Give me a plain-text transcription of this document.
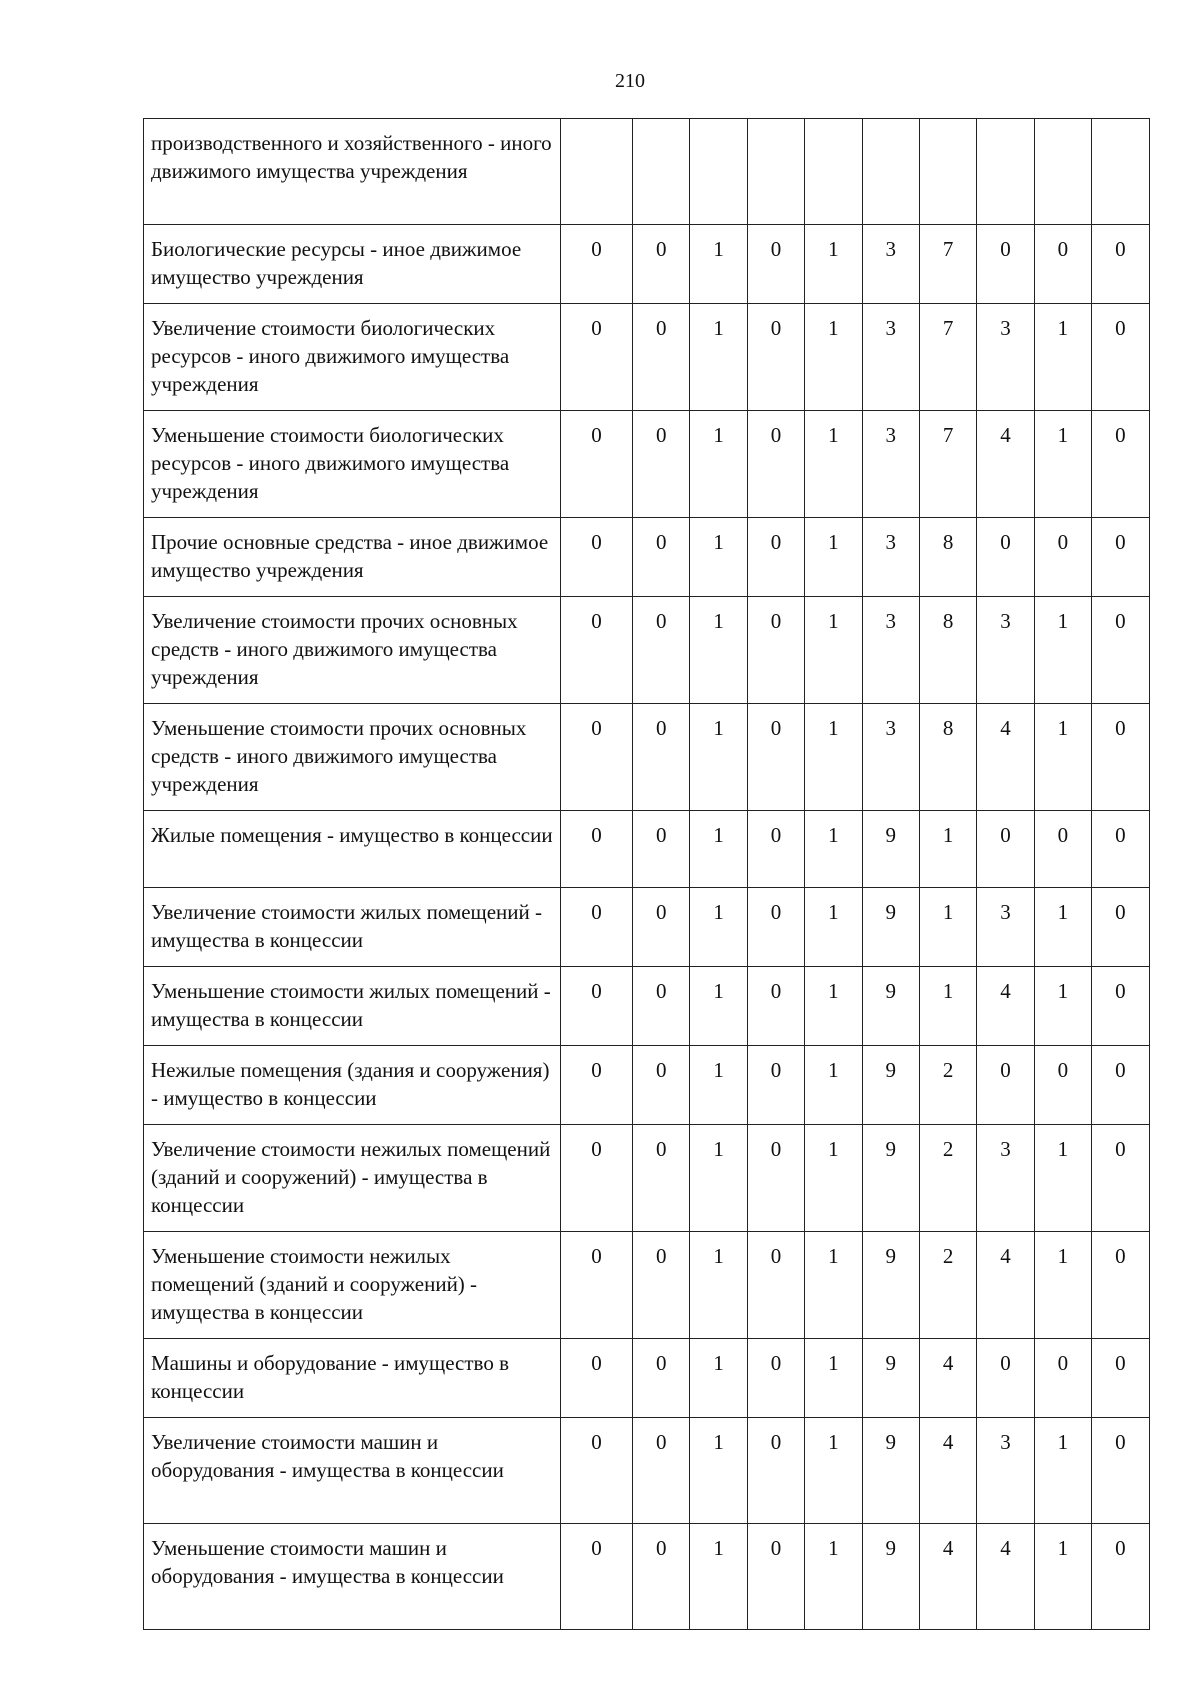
210
производственного и хозяйственного - иного движимого имущества учреждения										
Биологические ресурсы - иное движимое имущество учреждения	0	0	1	0	1	3	7	0	0	0
Увеличение стоимости биологических ресурсов - иного движимого имущества учреждения	0	0	1	0	1	3	7	3	1	0
Уменьшение стоимости биологических ресурсов - иного движимого имущества учреждения	0	0	1	0	1	3	7	4	1	0
Прочие основные средства - иное движимое имущество учреждения	0	0	1	0	1	3	8	0	0	0
Увеличение стоимости прочих основных средств - иного движимого имущества учреждения	0	0	1	0	1	3	8	3	1	0
Уменьшение стоимости прочих основных средств - иного движимого имущества учреждения	0	0	1	0	1	3	8	4	1	0
Жилые помещения - имущество в концессии	0	0	1	0	1	9	1	0	0	0
Увеличение стоимости жилых помещений - имущества в концессии	0	0	1	0	1	9	1	3	1	0
Уменьшение стоимости жилых помещений - имущества в концессии	0	0	1	0	1	9	1	4	1	0
Нежилые помещения (здания и сооружения) - имущество в концессии	0	0	1	0	1	9	2	0	0	0
Увеличение стоимости нежилых помещений (зданий и сооружений) - имущества в концессии	0	0	1	0	1	9	2	3	1	0
Уменьшение стоимости нежилых помещений (зданий и сооружений) - имущества в концессии	0	0	1	0	1	9	2	4	1	0
Машины и оборудование - имущество в концессии	0	0	1	0	1	9	4	0	0	0
Увеличение стоимости машин и оборудования - имущества в концессии	0	0	1	0	1	9	4	3	1	0
Уменьшение стоимости машин и оборудования - имущества в концессии	0	0	1	0	1	9	4	4	1	0
